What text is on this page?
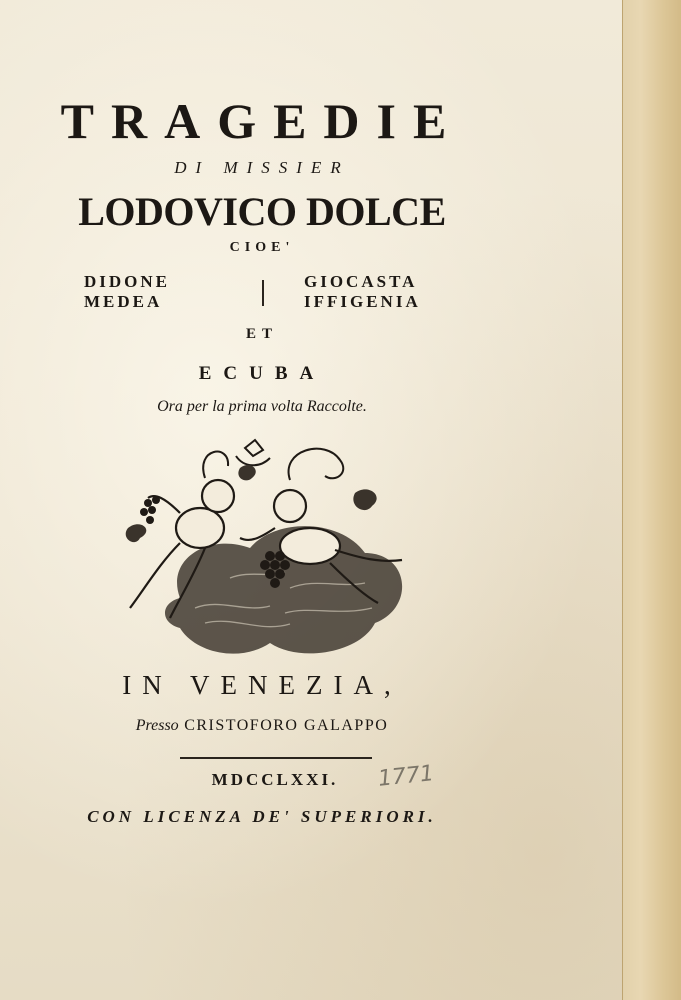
TRAGEDIE
DI MISSIER
LODOVICO DOLCE
CIOE'
DIDONE
MEDEA
GIOCASTA
IFFIGENIA
ET
ECUBA
Ora per la prima volta Raccolte.
IN VENEZIA,
Presso CRISTOFORO GALAPPO
MDCCLXXI.	1771
CON LICENZA DE' SUPERIORI.
